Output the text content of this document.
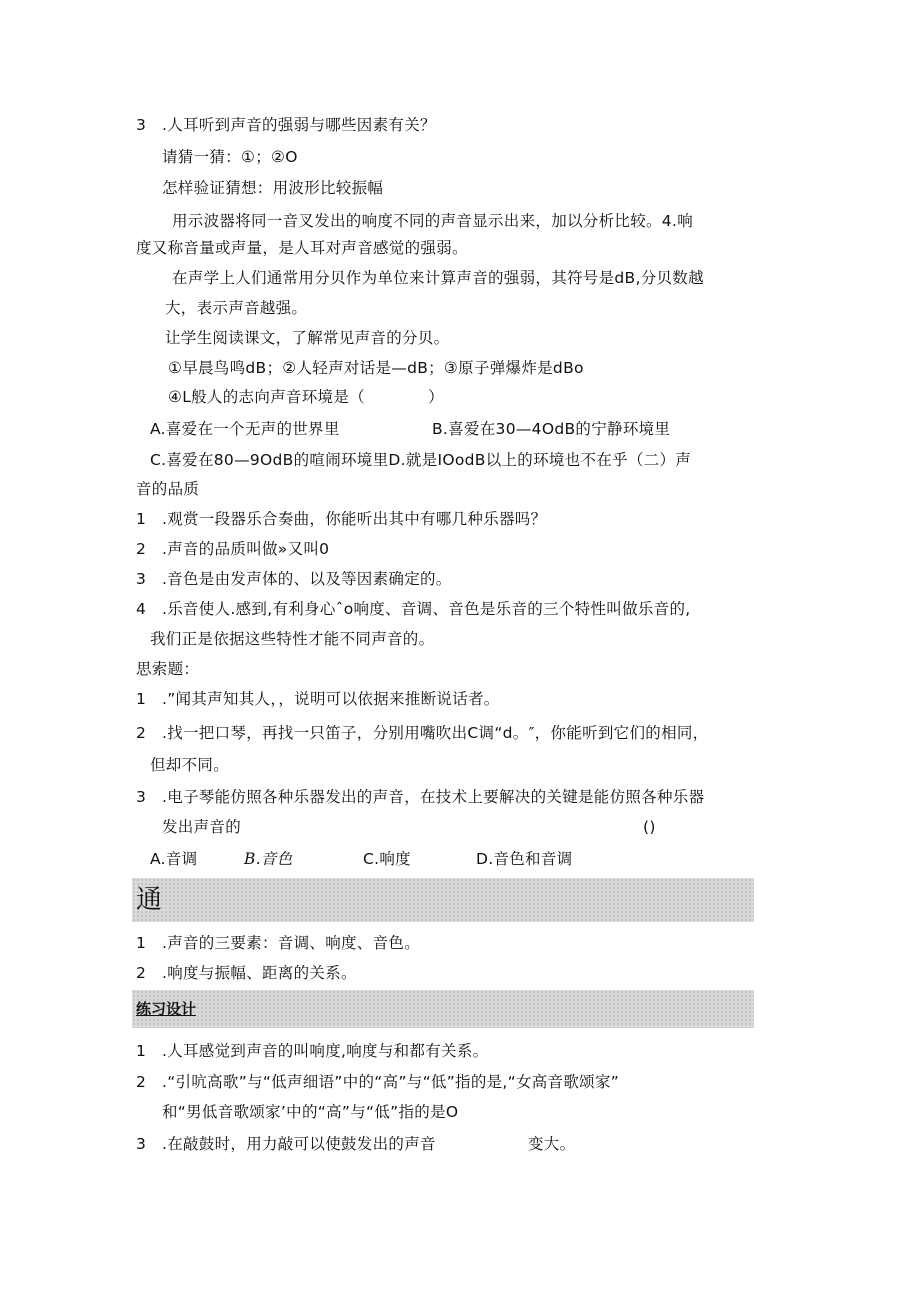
3　.人耳听到声音的强弱与哪些因素有关？
请猜一猜：①；②O
怎样验证猜想：用波形比较振幅
用示波器将同一音叉发出的响度不同的声音显示出来，加以分析比较。4.响
度又称音量或声量，是人耳对声音感觉的强弱。
在声学上人们通常用分贝作为单位来计算声音的强弱，其符号是dB,分贝数越
大，表示声音越强。
让学生阅读课文，了解常见声音的分贝。
①早晨鸟鸣dB；②人轻声对话是—dB；③原子弹爆炸是dBo
④L般人的志向声音环境是（　　　　）
A.喜爱在一个无声的世界里	B.喜爱在30—4OdB的宁静环境里
C.喜爱在80—9OdB的喧闹环境里D.就是IOodB以上的环境也不在乎（二）声
音的品质
1　.观赏一段器乐合奏曲，你能听出其中有哪几种乐器吗？
2　.声音的品质叫做»又叫0
3　.音色是由发声体的、以及等因素确定的。
4　.乐音使人.感到,有利身心ˆo响度、音调、音色是乐音的三个特性叫做乐音的,
我们正是依据这些特性才能不同声音的。
思索题：
1　.”闻其声知其人，，说明可以依据来推断说话者。
2　.找一把口琴，再找一只笛子，分别用嘴吹出C调“d。″，你能听到它们的相同，
但却不同。
3　.电子琴能仿照各种乐器发出的声音，在技术上要解决的关键是能仿照各种乐器
发出声音的	()
A.音调	B.音色	C.响度	D.音色和音调
通
1　.声音的三要素：音调、响度、音色。
2　.响度与振幅、距离的关系。
练习设计
1　.人耳感觉到声音的叫响度,响度与和都有关系。
2　.“引吭高歌”与“低声细语”中的“高”与“低”指的是,“女高音歌颂家”
和“男低音歌颂家’中的“高”与“低”指的是O
3　.在敲鼓时，用力敲可以使鼓发出的声音	变大。
